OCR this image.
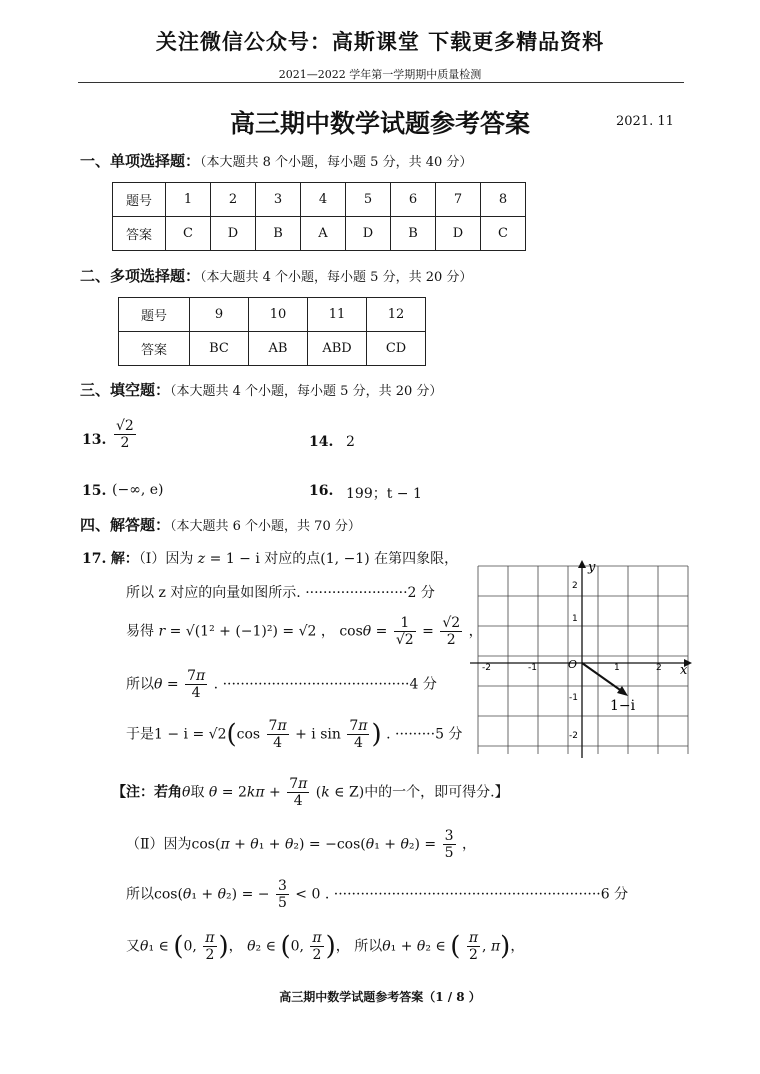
关注微信公众号：高斯课堂 下载更多精品资料
2021—2022 学年第一学期期中质量检测
高三期中数学试题参考答案	2021. 11
一、单项选择题：（本大题共 8 个小题，每小题 5 分，共 40 分）
题号	1	2	3	4	5	6	7	8
答案	C	D	B	A	D	B	D	C
二、多项选择题：（本大题共 4 个小题，每小题 5 分，共 20 分）
题号	9	10	11	12
答案	BC	AB	ABD	CD
三、填空题：（本大题共 4 个小题，每小题 5 分，共 20 分）
13. $\frac{√2}{2}$	14. 2
15. (−∞, e)	16. 199；t − 1
四、解答题：（本大题共 6 个小题，共 70 分）
17. 解：（Ⅰ）因为 z = 1 − i 对应的点(1, −1) 在第四象限，
所以 z 对应的向量如图所示. ·······················2 分
易得 r = √(1² + (−1)²) = √2 ， $\cos\theta = \frac{1}{√2} = \frac{√2}{2}$ ，
所以$\theta = \frac{7\pi}{4}$ . ··········································4 分
于是$1 - i = √2(\cos \frac{7\pi}{4} + i$ $\sin \frac{7\pi}{4}$ ) . ·········5 分
【注：若角θ取 $\theta = 2k\pi + \frac{7\pi}{4} (k$ ∈ Z)中的一个，即可得分.】
（Ⅱ）因为$\cos(\pi + \theta_1 + \theta_2) = -\cos(\theta_1 + \theta_2) = \frac{3}{5}$ ，
所以cos(θ₁ + θ₂) = − $\frac{3}{5} < 0$ . ····························································6 分
又θ₁ ∈ (0, $\frac{\pi}{2}$ )， θ₂ ∈ (0, $\frac{\pi}{2}$ )， 所以θ₁ + θ₂ ∈ ( $\frac{\pi}{2}$ , π)，
y
x
O
-2	-1	1	2
2
1
-1
-2
1−i
高三期中数学试题参考答案（1 / 8 ）
